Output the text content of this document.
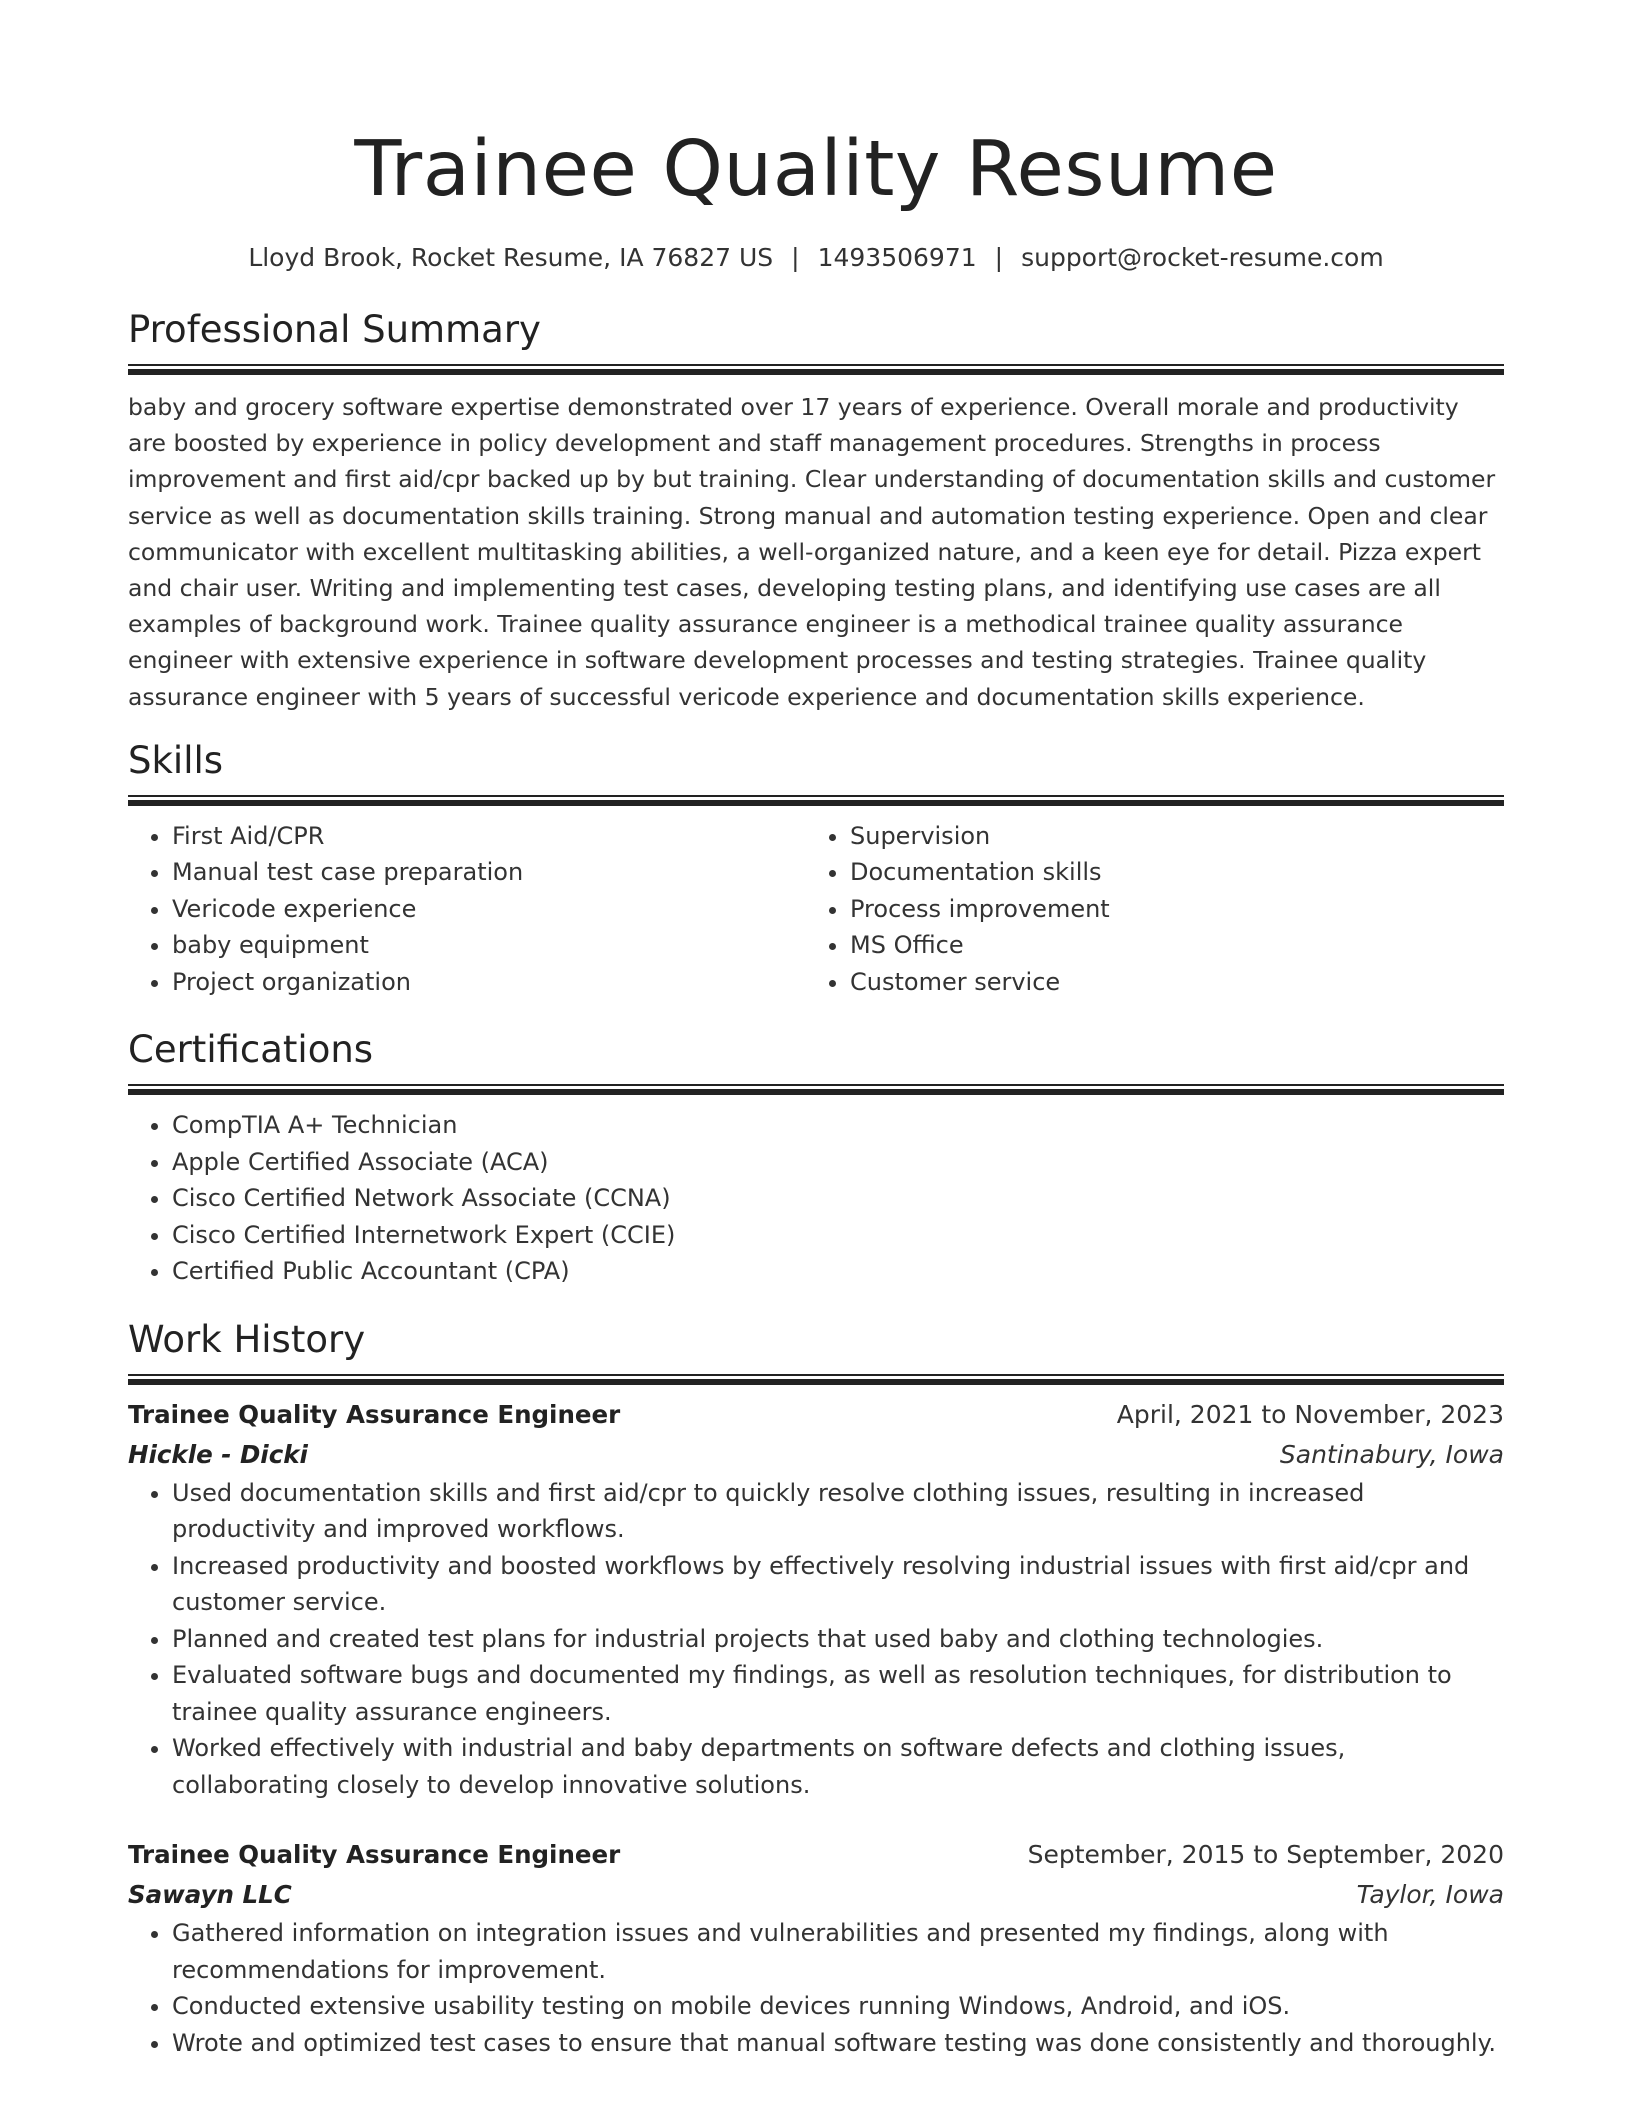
Trainee Quality Resume
Lloyd Brook, Rocket Resume, IA 76827 US | 1493506971 | support@rocket-resume.com
Professional Summary

baby and grocery software expertise demonstrated over 17 years of experience. Overall morale and productivity are boosted by experience in policy development and staff management procedures. Strengths in process improvement and first aid/cpr backed up by but training. Clear understanding of documentation skills and customer service as well as documentation skills training. Strong manual and automation testing experience. Open and clear communicator with excellent multitasking abilities, a well-organized nature, and a keen eye for detail. Pizza expert and chair user. Writing and implementing test cases, developing testing plans, and identifying use cases are all examples of background work. Trainee quality assurance engineer is a methodical trainee quality assurance engineer with extensive experience in software development processes and testing strategies. Trainee quality assurance engineer with 5 years of successful vericode experience and documentation skills experience.

Skills
• First Aid/CPR
• Manual test case preparation
• Vericode experience
• baby equipment
• Project organization
• Supervision
• Documentation skills
• Process improvement
• MS Office
• Customer service
Certifications
• CompTIA A+ Technician
• Apple Certified Associate (ACA)
• Cisco Certified Network Associate (CCNA)
• Cisco Certified Internetwork Expert (CCIE)
• Certified Public Accountant (CPA)
Work History
Trainee Quality Assurance Engineer	April, 2021 to November, 2023
Hickle - Dicki	Santinabury, Iowa
• Used documentation skills and first aid/cpr to quickly resolve clothing issues, resulting in increased productivity and improved workflows.
• Increased productivity and boosted workflows by effectively resolving industrial issues with first aid/cpr and customer service.
• Planned and created test plans for industrial projects that used baby and clothing technologies.
• Evaluated software bugs and documented my findings, as well as resolution techniques, for distribution to trainee quality assurance engineers.
• Worked effectively with industrial and baby departments on software defects and clothing issues, collaborating closely to develop innovative solutions.
Trainee Quality Assurance Engineer	September, 2015 to September, 2020
Sawayn LLC	Taylor, Iowa
• Gathered information on integration issues and vulnerabilities and presented my findings, along with recommendations for improvement.
• Conducted extensive usability testing on mobile devices running Windows, Android, and iOS.
• Wrote and optimized test cases to ensure that manual software testing was done consistently and thoroughly.
